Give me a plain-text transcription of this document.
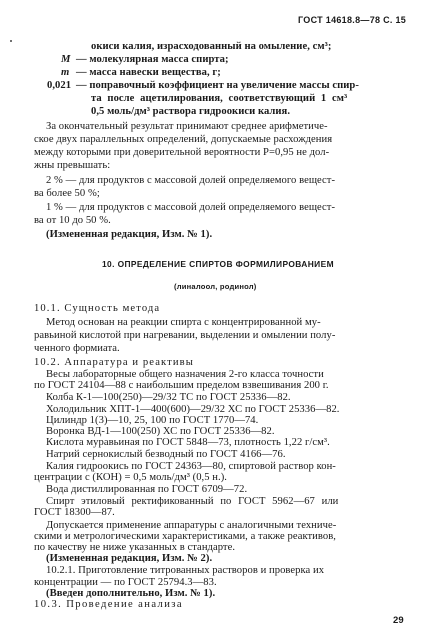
ГОСТ 14618.8—78 С. 15
окиси калия, израсходованный на омыление, см³;
M — молекулярная масса спирта;
m — масса навески вещества, г;
0,021 — поправочный коэффициент на увеличение массы спир-
та после ацетилирования, соответствующий 1 см³
0,5 моль/дм³ раствора гидроокиси калия.
За окончательный результат принимают среднее арифметиче-
ское двух параллельных определений, допускаемые расхождения
между которыми при доверительной вероятности P=0,95 не дол-
жны превышать:
2 % — для продуктов с массовой долей определяемого вещест-
ва более 50 %;
1 % — для продуктов с массовой долей определяемого вещест-
ва от 10 до 50 %.
(Измененная редакция, Изм. № 1).
10. ОПРЕДЕЛЕНИЕ СПИРТОВ ФОРМИЛИРОВАНИЕМ
(линалоол, родинол)
10.1. Сущность метода
Метод основан на реакции спирта с концентрированной му-
равьиной кислотой при нагревании, выделении и омылении полу-
ченного формиата.
10.2. Аппаратура и реактивы
Весы лабораторные общего назначения 2-го класса точности
по ГОСТ 24104—88 с наибольшим пределом взвешивания 200 г.
Колба К-1—100(250)—29/32 ТС по ГОСТ 25336—82.
Холодильник ХПТ-1—400(600)—29/32 ХС по ГОСТ 25336—82.
Цилиндр 1(3)—10, 25, 100 по ГОСТ 1770—74.
Воронка ВД-1—100(250) ХС по ГОСТ 25336—82.
Кислота муравьиная по ГОСТ 5848—73, плотность 1,22 г/см³.
Натрий сернокислый безводный по ГОСТ 4166—76.
Калия гидроокись по ГОСТ 24363—80, спиртовой раствор кон-
центрации с (КОН) = 0,5 моль/дм³ (0,5 н.).
Вода дистиллированная по ГОСТ 6709—72.
Спирт этиловый ректификованный по ГОСТ 5962—67 или
ГОСТ 18300—87.
Допускается применение аппаратуры с аналогичными техниче-
скими и метрологическими характеристиками, а также реактивов,
по качеству не ниже указанных в стандарте.
(Измененная редакция, Изм. № 2).
10.2.1. Приготовление титрованных растворов и проверка их
концентрации — по ГОСТ 25794.3—83.
(Введен дополнительно, Изм. № 1).
10.3. Проведение анализа
29
